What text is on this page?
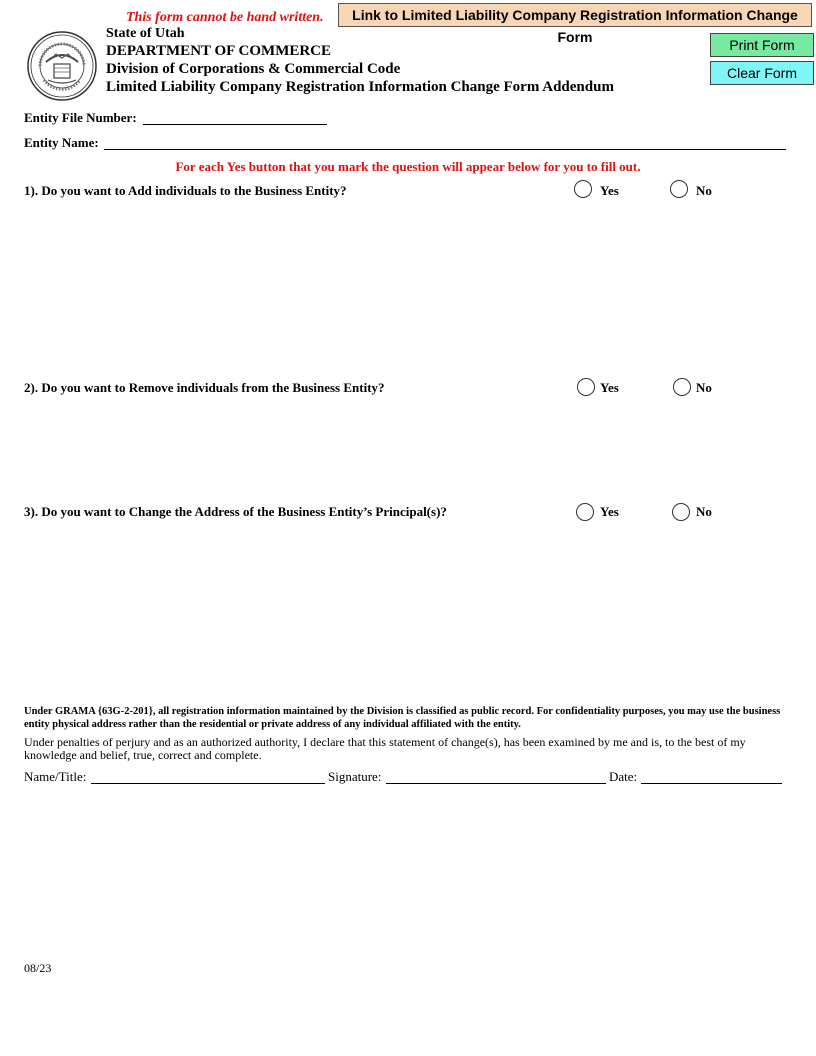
This form cannot be hand written.	Link to Limited Liability Company Registration Information Change Form	Print Form
Clear Form
State of Utah
DEPARTMENT OF COMMERCE
Division of Corporations & Commercial Code
Limited Liability Company Registration Information Change Form Addendum
Entity File Number:
Entity Name:
For each Yes button that you mark the question will appear below for you to fill out.
1). Do you want to Add individuals to the Business Entity?	Yes	No
2). Do you want to Remove individuals from the Business Entity?	Yes	No
3). Do you want to Change the Address of the Business Entity’s Principal(s)?	Yes	No
Under GRAMA {63G-2-201}, all registration information maintained by the Division is classified as public record. For confidentiality purposes, you may use the business entity physical address rather than the residential or private address of any individual affiliated with the entity.
Under penalties of perjury and as an authorized authority, I declare that this statement of change(s), has been examined by me and is, to the best of my knowledge and belief, true, correct and complete.
Name/Title:	Signature:	Date:
08/23
